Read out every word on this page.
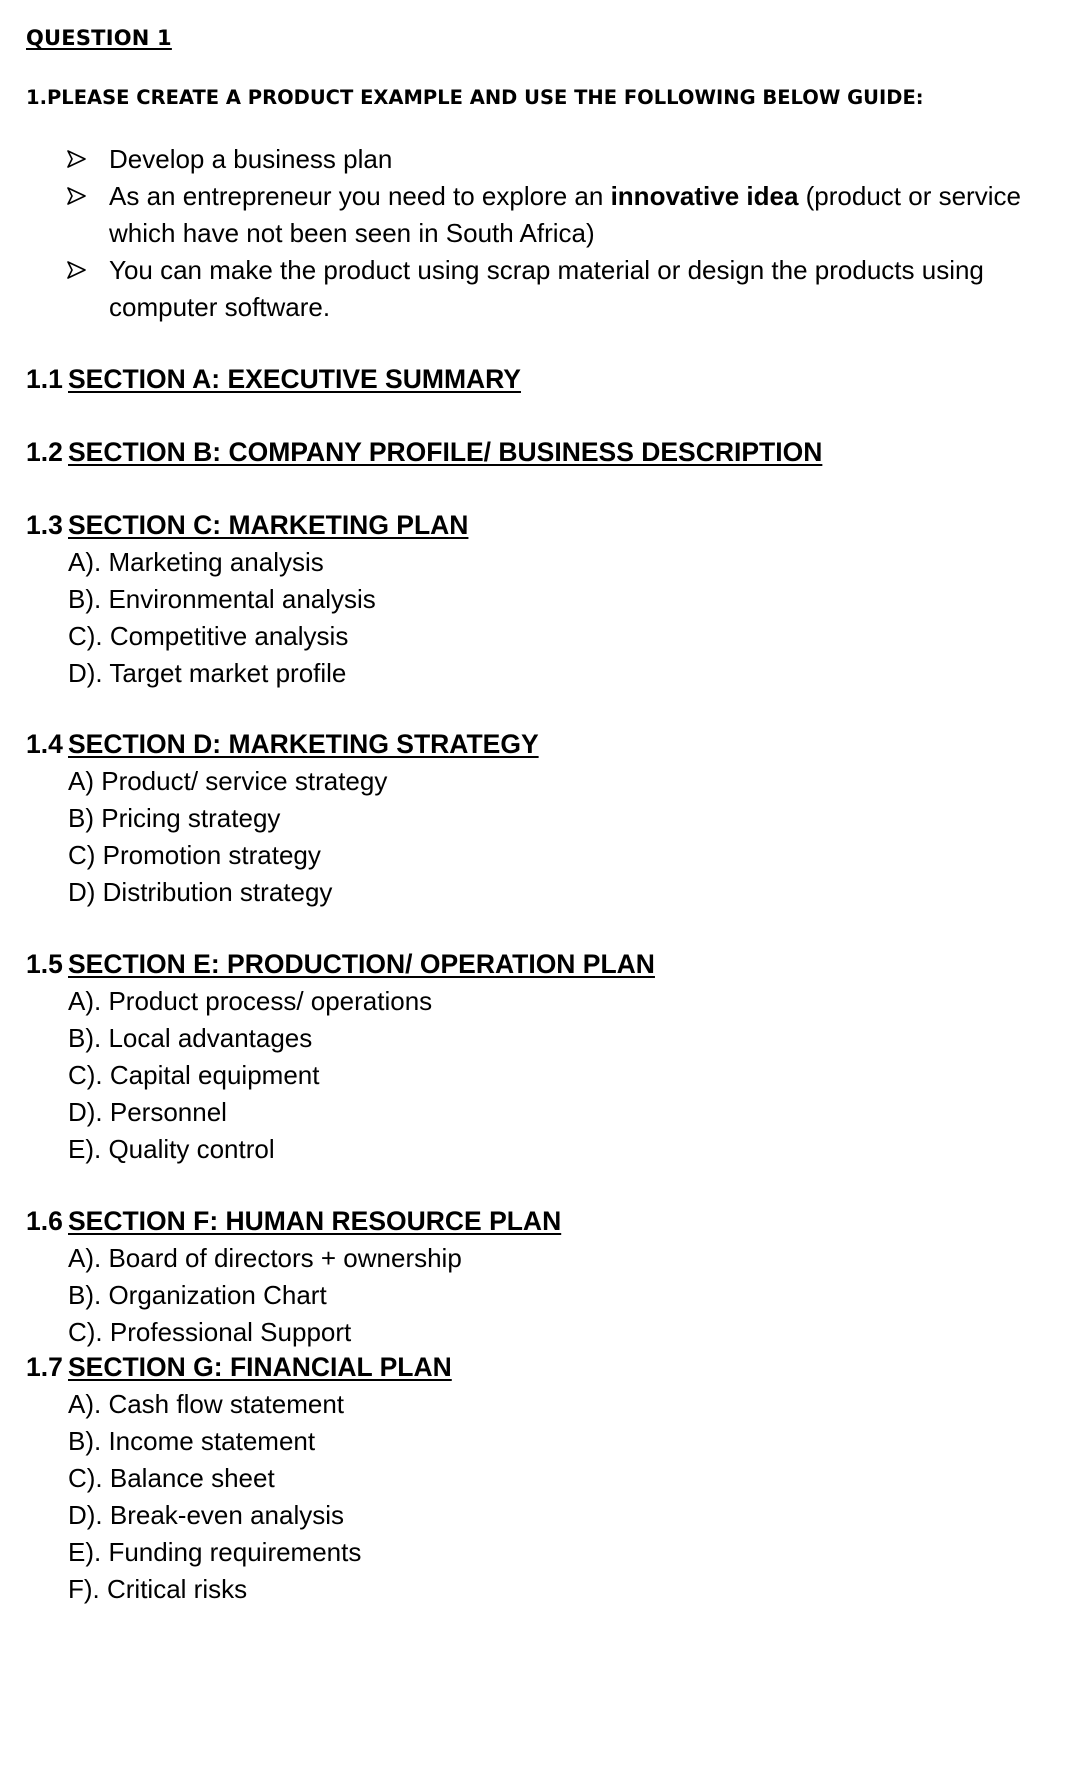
QUESTION 1
1.PLEASE CREATE A PRODUCT EXAMPLE AND USE THE FOLLOWING BELOW GUIDE:
Develop a business plan
As an entrepreneur you need to explore an innovative idea (product or service which have not been seen in South Africa)
You can make the product using scrap material or design the products using computer software.
1.1 SECTION A: EXECUTIVE SUMMARY
1.2 SECTION B: COMPANY PROFILE/ BUSINESS DESCRIPTION
1.3 SECTION C: MARKETING PLAN
A). Marketing analysis
B). Environmental analysis
C). Competitive analysis
D). Target market profile
1.4 SECTION D: MARKETING STRATEGY
A) Product/ service strategy
B) Pricing strategy
C) Promotion strategy
D) Distribution strategy
1.5 SECTION E: PRODUCTION/ OPERATION PLAN
A). Product process/ operations
B). Local advantages
C). Capital equipment
D). Personnel
E). Quality control
1.6 SECTION F: HUMAN RESOURCE PLAN
A). Board of directors + ownership
B). Organization Chart
C). Professional Support
1.7 SECTION G: FINANCIAL PLAN
A). Cash flow statement
B). Income statement
C). Balance sheet
D). Break-even analysis
E). Funding requirements
F). Critical risks
